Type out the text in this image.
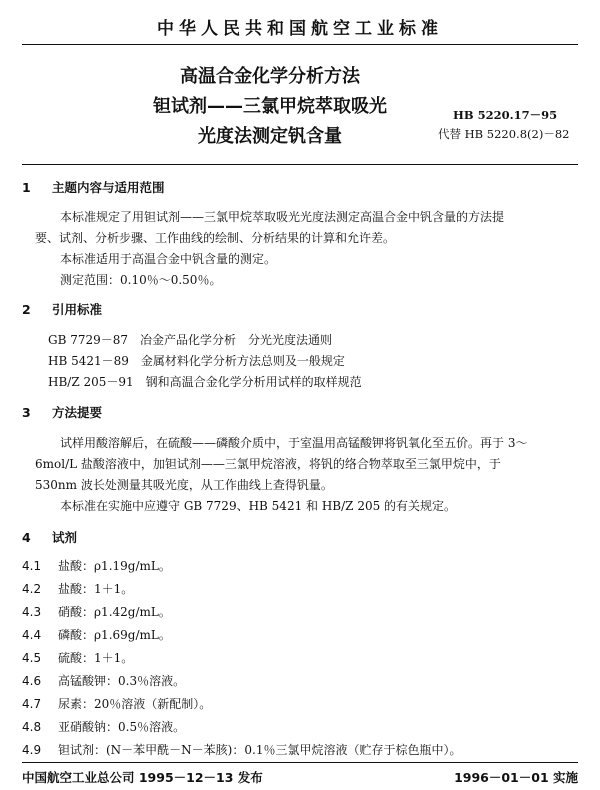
中华人民共和国航空工业标准
高温合金化学分析方法
钽试剂——三氯甲烷萃取吸光
光度法测定钒含量
HB 5220.17－95
代替 HB 5220.8(2)－82
1 主题内容与适用范围
本标准规定了用钽试剂——三氯甲烷萃取吸光光度法测定高温合金中钒含量的方法提
要、试剂、分析步骤、工作曲线的绘制、分析结果的计算和允许差。
本标准适用于高温合金中钒含量的测定。
测定范围：0.10％～0.50％。
2 引用标准
GB 7729－87　冶金产品化学分析　分光光度法通则
HB 5421－89　金属材料化学分析方法总则及一般规定
HB/Z 205－91　钢和高温合金化学分析用试样的取样规范
3 方法提要
试样用酸溶解后，在硫酸——磷酸介质中，于室温用高锰酸钾将钒氧化至五价。再于 3～
6mol/L 盐酸溶液中，加钽试剂——三氯甲烷溶液，将钒的络合物萃取至三氯甲烷中，于
530nm 波长处测量其吸光度，从工作曲线上查得钒量。
本标准在实施中应遵守 GB 7729、HB 5421 和 HB/Z 205 的有关规定。
4 试剂
4.1 盐酸：ρ1.19g/mL。
4.2 盐酸：1＋1。
4.3 硝酸：ρ1.42g/mL。
4.4 磷酸：ρ1.69g/mL。
4.5 硫酸：1＋1。
4.6 高锰酸钾：0.3％溶液。
4.7 尿素：20％溶液（新配制）。
4.8 亚硝酸钠：0.5％溶液。
4.9 钽试剂：(N－苯甲酰－N－苯胲)：0.1％三氯甲烷溶液（贮存于棕色瓶中）。
中国航空工业总公司 1995－12－13 发布	1996－01－01 实施
